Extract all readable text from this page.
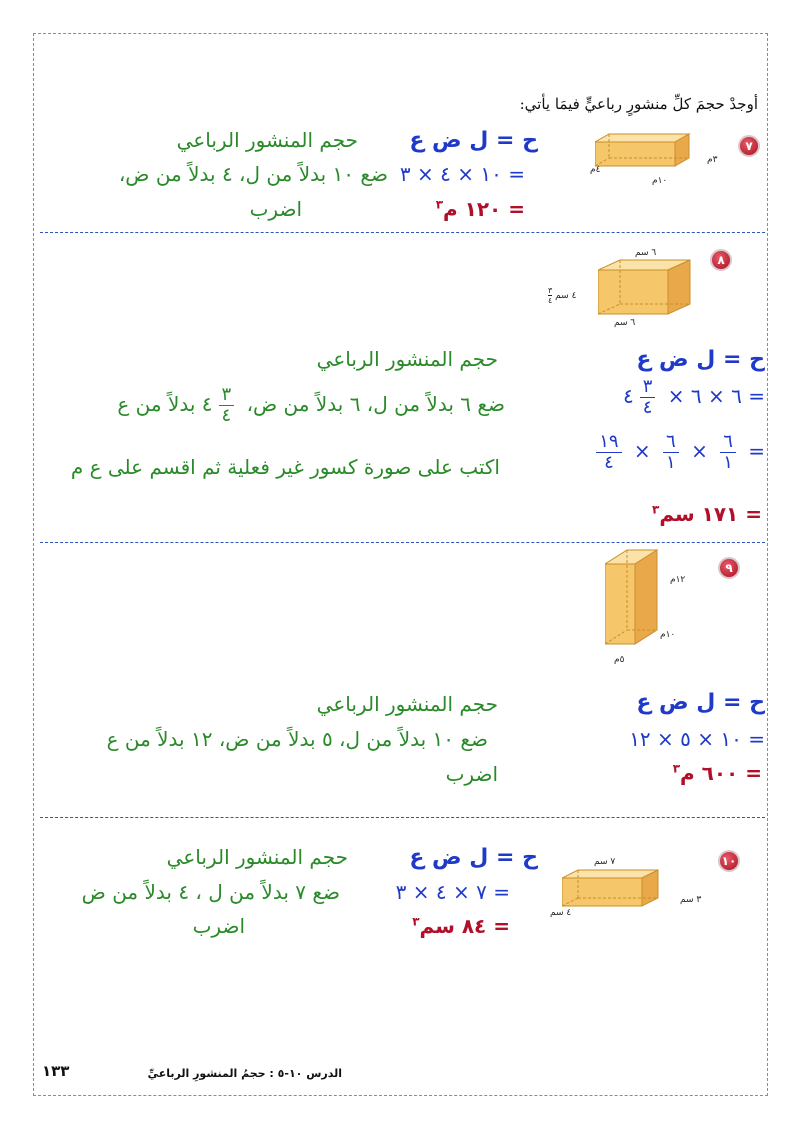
أوجدْ حجمَ كلِّ منشورٍ رباعيٍّ فيمَا يأتي:
٧
٣م
٤م
١٠م
ح = ل ض ع
= ١٠ × ٤ × ٣
= ١٢٠ م$^٣$
حجم المنشور الرباعي
ضع ١٠ بدلاً من ل، ٤ بدلاً من ض،
اضرب
٨
٦ سم
٤ سم
٣
٤
٦ سم
ح = ل ض ع
= ٦ × ٦ ×
$\frac{٣}{٤}$
٤
=
$\frac{٦}{١}$
×
$\frac{٦}{١}$
×
$\frac{١٩}{٤}$
= ١٧١ سم$^٣$
حجم المنشور الرباعي
ضع ٦ بدلاً من ل، ٦ بدلاً من ض،
$\frac{٣}{٤}$
٤ بدلاً من ع
اكتب على صورة كسور غير فعلية ثم اقسم على ع م
٩
١٢م
١٠م
٥م
ح = ل ض ع
= ١٠ × ٥ × ١٢
= ٦٠٠ م$^٣$
حجم المنشور الرباعي
ضع ١٠ بدلاً من ل، ٥ بدلاً من ض، ١٢ بدلاً من ع
اضرب
١٠
٧ سم
٣ سم
٤ سم
ح = ل ض ع
= ٧ × ٤ × ٣
= ٨٤ سم$^٣$
حجم المنشور الرباعي
ضع ٧ بدلاً من ل ، ٤ بدلاً من ض
اضرب
الدرس ١٠-٥ : حجمُ المنشورِ الرباعيِّ
١٣٣
